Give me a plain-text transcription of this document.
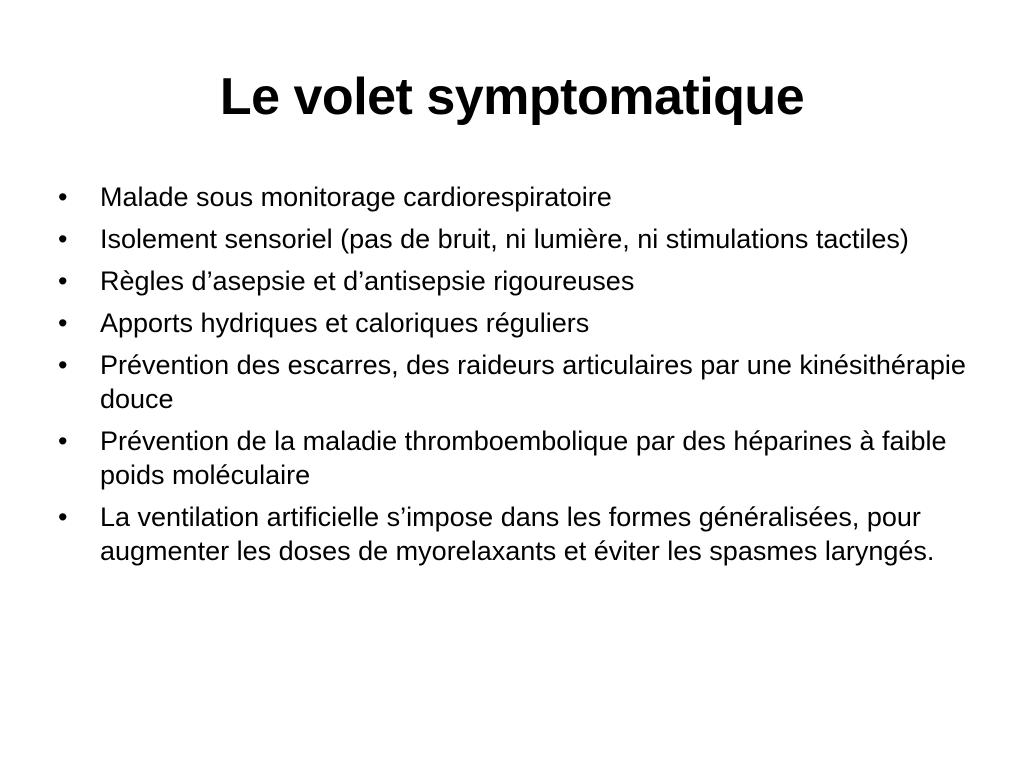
Le volet symptomatique
•	Malade sous monitorage cardiorespiratoire
•	Isolement sensoriel (pas de bruit, ni lumière, ni stimulations tactiles)
•	Règles d’asepsie et d’antisepsie rigoureuses
•	Apports hydriques et caloriques réguliers
•	Prévention des escarres, des raideurs articulaires par une kinésithérapie douce
•	Prévention de la maladie thromboembolique par des héparines à faible poids moléculaire
•	La ventilation artificielle s’impose dans les formes généralisées, pour augmenter les doses de myorelaxants et éviter les spasmes laryngés.
